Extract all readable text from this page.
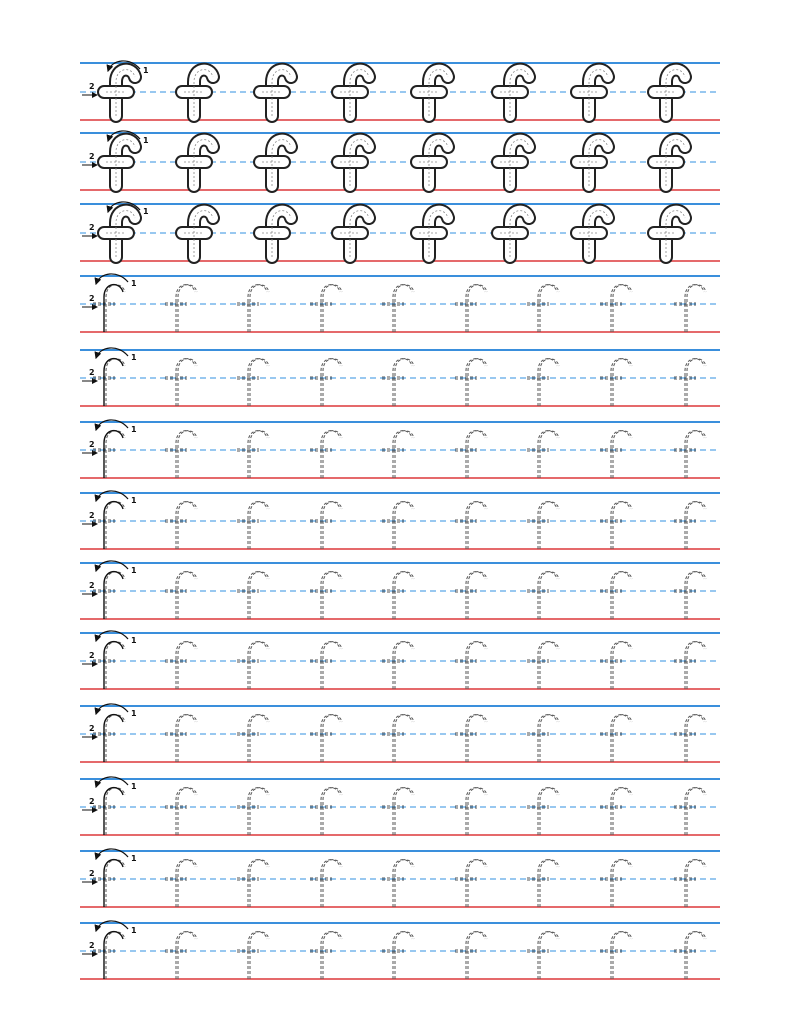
1
2
1
2
1
2
1
2
1
2
1
2
1
2
1
2
1
2
1
2
1
2
1
2
1
2
